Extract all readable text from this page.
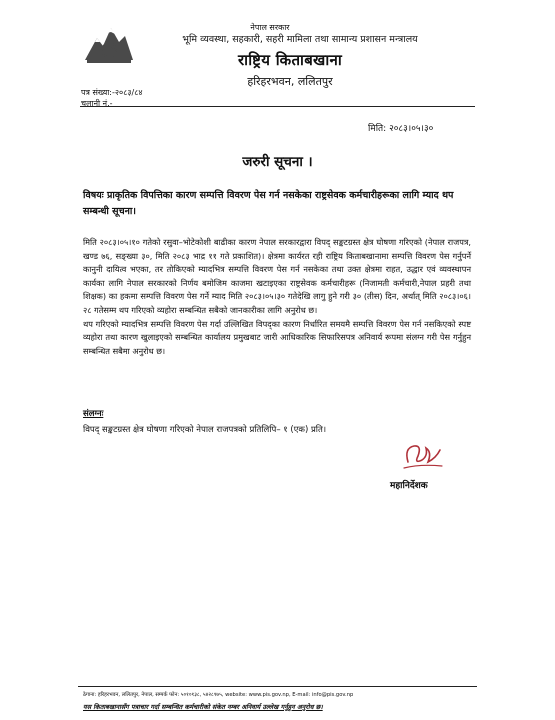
नेपाल सरकार
भूमि व्यवस्था, सहकारी, सहरी मामिला तथा सामान्य प्रशासन मन्त्रालय
राष्ट्रिय किताबखाना
हरिहरभवन, ललितपुर
पत्र संख्या:-२०८३/८४
चलानी नं.-
मिति: २०८३।०५।३०
जरुरी सूचना ।
विषयः प्राकृतिक विपत्तिका कारण सम्पत्ति विवरण पेस गर्न नसकेका राष्ट्रसेवक कर्मचारीहरूका लागि म्याद थप सम्बन्धी सूचना।

मिति २०८३।०५।१० गतेको रसुवा–भोटेकोशी बाढीका कारण नेपाल सरकारद्वारा विपद् सङ्कटग्रस्त क्षेत्र घोषणा गरिएको (नेपाल राजपत्र, खण्ड ७६, सङ्ख्या ३०, मिति २०८३ भाद्र ११ गते प्रकाशित)। क्षेत्रमा कार्यरत रही राष्ट्रिय किताबखानामा सम्पत्ति विवरण पेस गर्नुपर्ने कानुनी दायित्व भएका, तर तोकिएको म्यादभित्र सम्पत्ति विवरण पेस गर्न नसकेका तथा उक्त क्षेत्रमा राहत, उद्धार एवं व्यवस्थापन कार्यका लागि नेपाल सरकारको निर्णय बमोजिम काजमा खटाइएका राष्ट्रसेवक कर्मचारीहरू (निजामती कर्मचारी,नेपाल प्रहरी तथा शिक्षक) का हकमा सम्पत्ति विवरण पेस गर्ने म्याद मिति २०८३।०५।३० गतेदेखि लागु हुने गरी ३० (तीस) दिन, अर्थात् मिति २०८३।०६।२८ गतेसम्म थप गरिएको व्यहोरा सम्बन्धित सबैको जानकारीका लागि अनुरोध छ।

थप गरिएको म्यादभित्र सम्पत्ति विवरण पेस गर्दा उल्लिखित विपद्का कारण निर्धारित समयमै सम्पत्ति विवरण पेस गर्न नसकिएको स्पष्ट व्यहोरा तथा कारण खुलाइएको सम्बन्धित कार्यालय प्रमुखबाट जारी आधिकारिक सिफारिसपत्र अनिवार्य रूपमा संलग्न गरी पेस गर्नुहुन सम्बन्धित सबैमा अनुरोध छ।

संलग्नः
विपद् सङ्कटग्रस्त क्षेत्र घोषणा गरिएको नेपाल राजपत्रको प्रतिलिपि– १ (एक) प्रति।
महानिर्देशक
ठेगाना: हरिहरभवन, ललितपुर, नेपाल, सम्पर्क फोन: ५०१०१३८, ५४२८९७५, website: www.pis.gov.np, E-mail: info@pis.gov.np
यस किताबखानासँग पत्राचार गर्दा सम्बन्धित कर्मचारीको संकेत नम्बर अनिवार्य उल्लेख गर्नुहुन अनुरोध छ।
